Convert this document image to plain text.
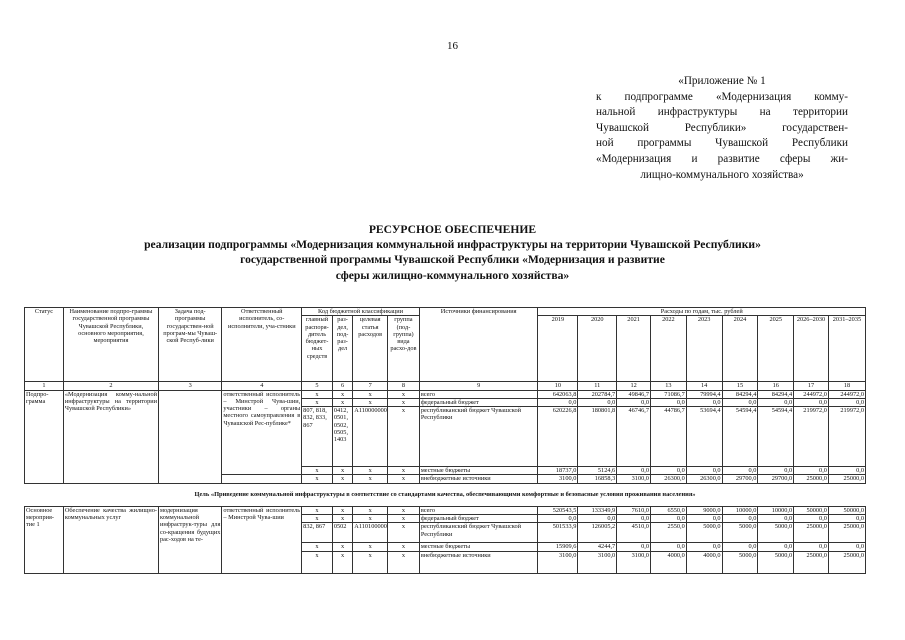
16
«Приложение № 1
к подпрограмме «Модернизация комму-
нальной инфраструктуры на территории
Чувашской Республики» государствен-
ной программы Чувашской Республики
«Модернизация и развитие сферы жи-
лищно-коммунального хозяйства»
РЕСУРСНОЕ ОБЕСПЕЧЕНИЕ
реализации подпрограммы «Модернизация коммунальной инфраструктуры на территории Чувашской Республики»
государственной программы Чувашской Республики «Модернизация и развитие
сферы жилищно-коммунального хозяйства»
Статус	Наименование подпро-граммы государственной программы Чувашской Республики, основного мероприятия, мероприятия	Задача под-программы государствен-ной програм-мы Чуваш-ской Респуб-лики	Ответственный исполнитель, со-исполнители, уча-стники	Код бюджетной классификации				Источники финансирования	Расходы по годам, тыс. рублей								
				главный распоря-дитель бюджет-ных средств	раз-дел, под-раз-дел	целевая статья расходов	группа (под-группа) вида расхо-дов		2019	2020	2021	2022	2023	2024	2025	2026–2030	2031–2035
1	2	3	4	5	6	7	8	9	10	11	12	13	14	15	16	17	18
Подпро-грамма	«Модернизация комму-нальной инфраструктуры на территории Чувашской Республики»		ответственный исполнитель – Минстрой Чува-шии, участники – органы местного самоуправления в Чувашской Рес-публике*	x	x	x	x	всего	642063,8	202784,7	49846,7	71086,7	79994,4	84294,4	84294,4	244972,0	244972,0
				x	x	x	x	федеральный бюджет	0,0	0,0	0,0	0,0	0,0	0,0	0,0	0,0	0,0
				807, 818, 832, 833, 867	0412, 0501, 0502, 0505, 1403	А110000000	x	республиканский бюджет Чувашской Республики	620226,8	180801,8	46746,7	44786,7	53694,4	54594,4	54594,4	219972,0	219972,0
				x	x	x	x	местные бюджеты	18737,0	5124,6	0,0	0,0	0,0	0,0	0,0	0,0	0,0
				x	x	x	x	внебюджетные источники	3100,0	16858,3	3100,0	26300,0	26300,0	29700,0	29700,0	25000,0	25000,0
Цель «Приведение коммунальной инфраструктуры в соответствие со стандартами качества, обеспечивающими комфортные и безопасные условия проживания населения»																	
Основное мероприя-тие 1	Обеспечение качества жилищно-коммунальных услуг	модернизация коммунальной инфраструк-туры для со-кращения будущих рас-ходов на те-	ответственный исполнитель – Минстрой Чува-шии	x	x	x	x	всего	520543,5	133349,9	7610,0	6550,0	9000,0	10000,0	10000,0	50000,0	50000,0
				x	x	x	x	федеральный бюджет	0,0	0,0	0,0	0,0	0,0	0,0	0,0	0,0	0,0
				832, 867	0502	А110100000	x	республиканский бюджет Чувашской Республики	501533,9	126005,2	4510,0	2550,0	5000,0	5000,0	5000,0	25000,0	25000,0
				x	x	x	x	местные бюджеты	15909,6	4244,7	0,0	0,0	0,0	0,0	0,0	0,0	0,0
				x	x	x	x	внебюджетные источники	3100,0	3100,0	3100,0	4000,0	4000,0	5000,0	5000,0	25000,0	25000,0
